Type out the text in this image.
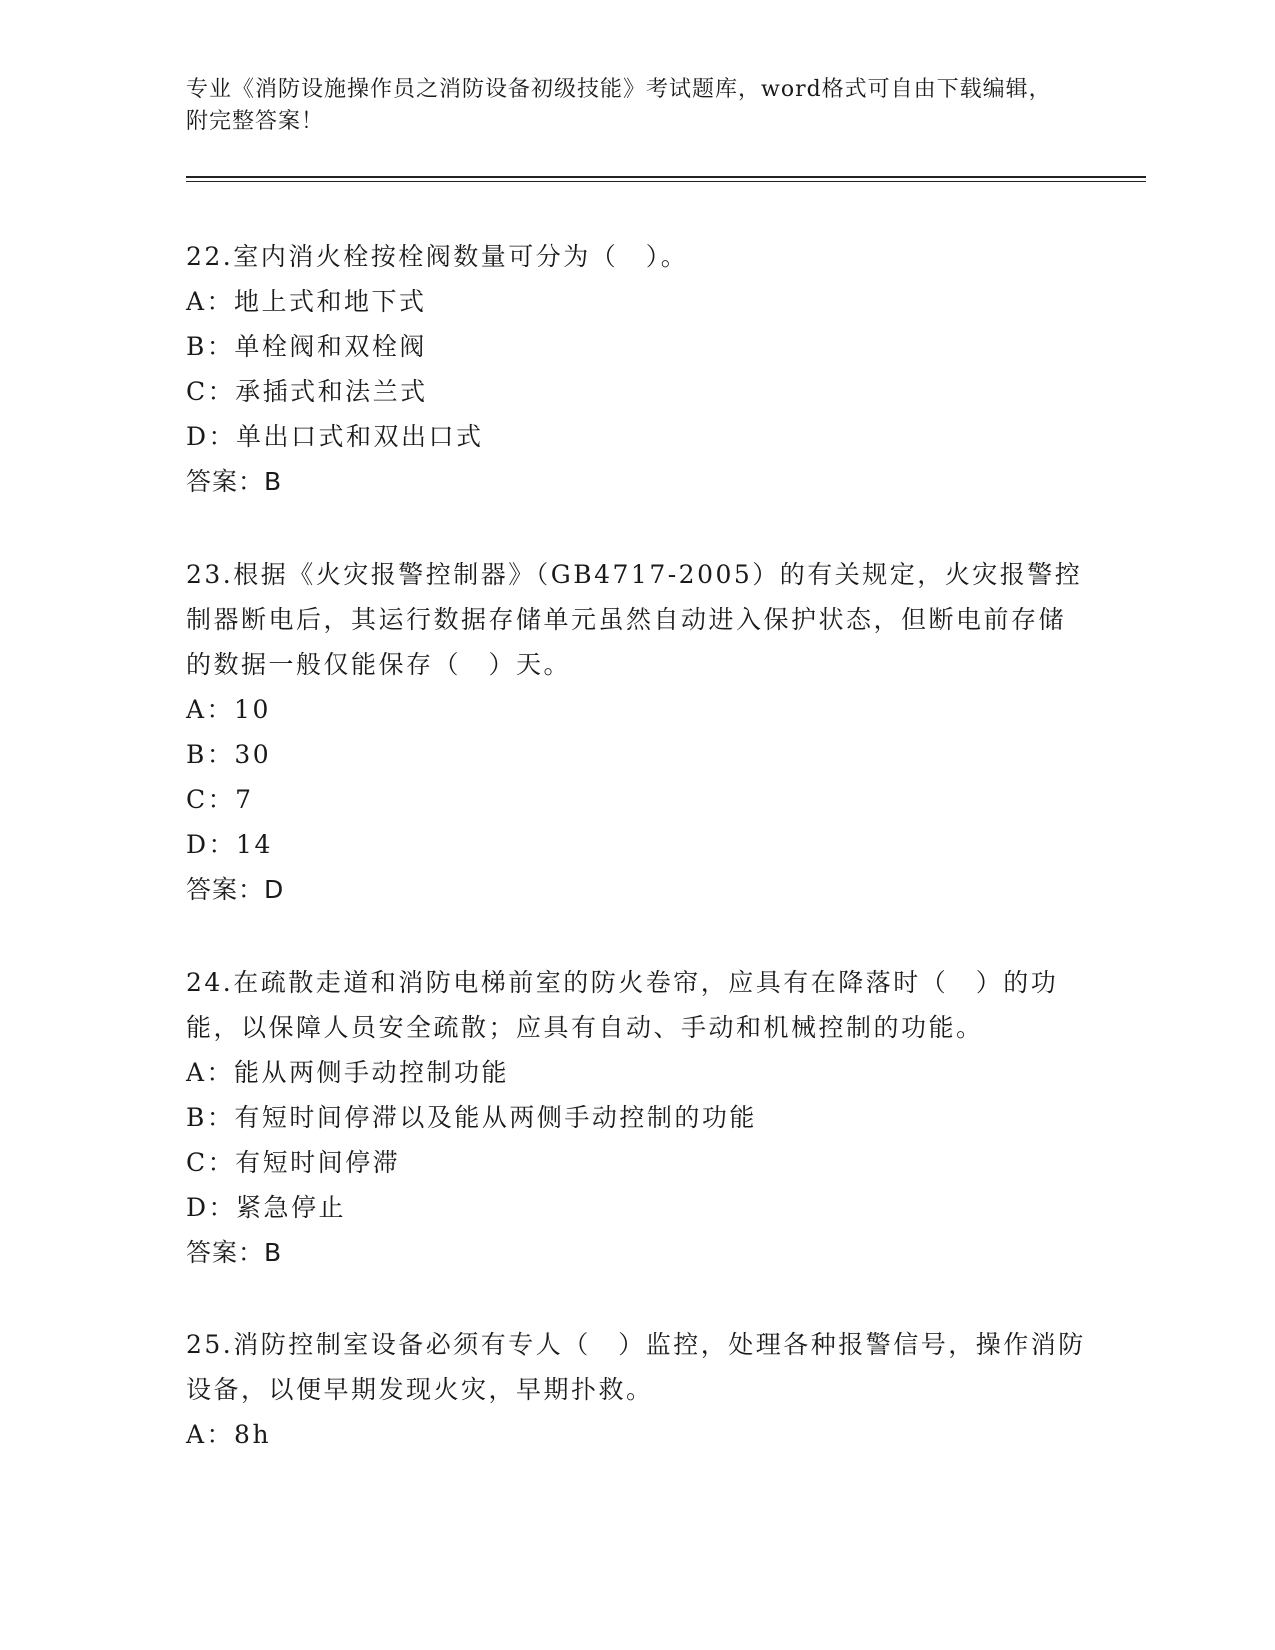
专业《消防设施操作员之消防设备初级技能》考试题库，word格式可自由下载编辑，附完整答案！

22.室内消火栓按栓阀数量可分为（　）。

A：地上式和地下式

B：单栓阀和双栓阀

C：承插式和法兰式

D：单出口式和双出口式

答案：B

23.根据《火灾报警控制器》（GB4717-2005）的有关规定，火灾报警控制器断电后，其运行数据存储单元虽然自动进入保护状态，但断电前存储的数据一般仅能保存（　）天。

A：10

B：30

C：7

D：14

答案：D

24.在疏散走道和消防电梯前室的防火卷帘，应具有在降落时（　）的功能，以保障人员安全疏散；应具有自动、手动和机械控制的功能。

A：能从两侧手动控制功能

B：有短时间停滞以及能从两侧手动控制的功能

C：有短时间停滞

D：紧急停止

答案：B

25.消防控制室设备必须有专人（　）监控，处理各种报警信号，操作消防设备，以便早期发现火灾，早期扑救。

A：8h
